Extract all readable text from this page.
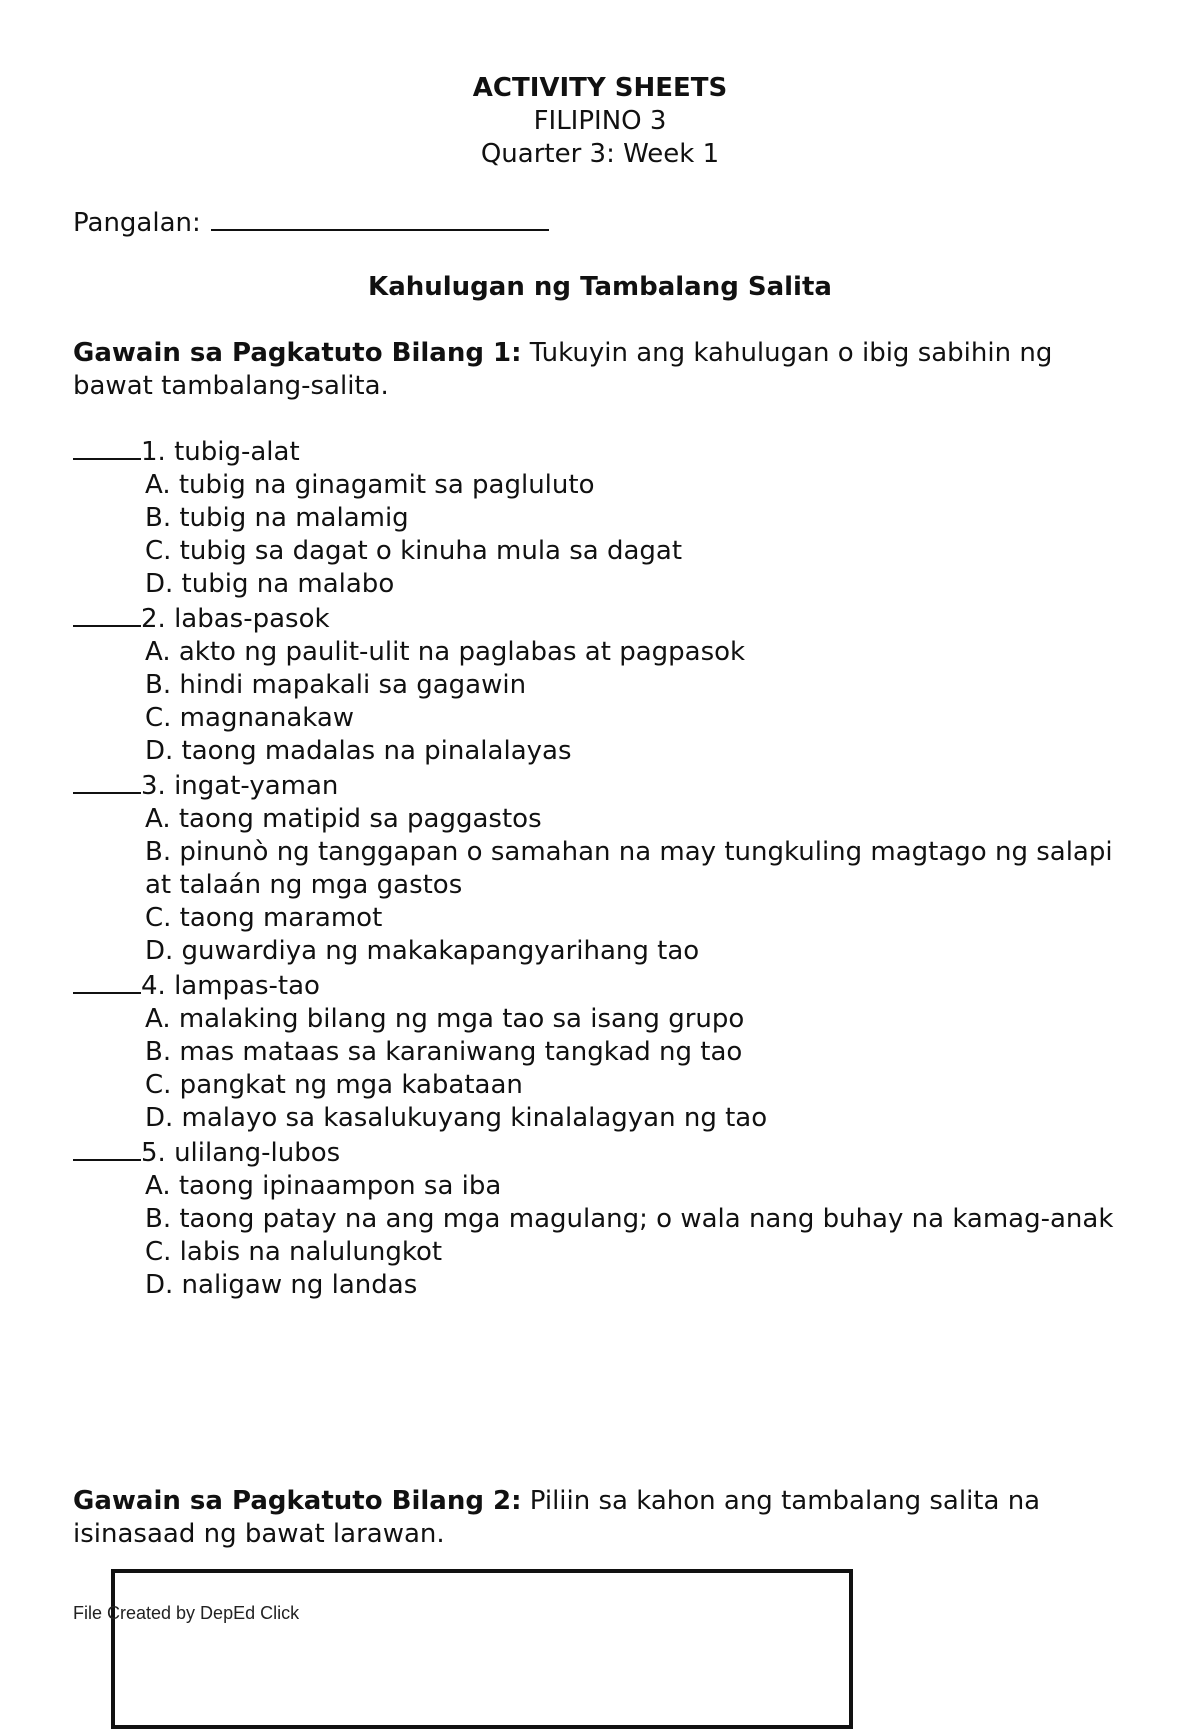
ACTIVITY SHEETS
FILIPINO 3
Quarter 3: Week 1
Pangalan:
Kahulugan ng Tambalang Salita
Gawain sa Pagkatuto Bilang 1: Tukuyin ang kahulugan o ibig sabihin ng bawat tambalang-salita.
1. tubig-alat
A. tubig na ginagamit sa pagluluto
B. tubig na malamig
C. tubig sa dagat o kinuha mula sa dagat
D. tubig na malabo
2. labas-pasok
A. akto ng paulit-ulit na paglabas at pagpasok
B. hindi mapakali sa gagawin
C. magnanakaw
D. taong madalas na pinalalayas
3. ingat-yaman
A. taong matipid sa paggastos
B. pinunò ng tanggapan o samahan na may tungkuling magtago ng salapi at talaán ng mga gastos
C. taong maramot
D. guwardiya ng makakapangyarihang tao
4. lampas-tao
A. malaking bilang ng mga tao sa isang grupo
B. mas mataas sa karaniwang tangkad ng tao
C. pangkat ng mga kabataan
D. malayo sa kasalukuyang kinalalagyan ng tao
5. ulilang-lubos
A. taong ipinaampon sa iba
B. taong patay na ang mga magulang; o wala nang buhay na kamag-anak
C. labis na nalulungkot
D. naligaw ng landas
Gawain sa Pagkatuto Bilang 2: Piliin sa kahon ang tambalang salita na isinasaad ng bawat larawan.
File Created by DepEd Click
